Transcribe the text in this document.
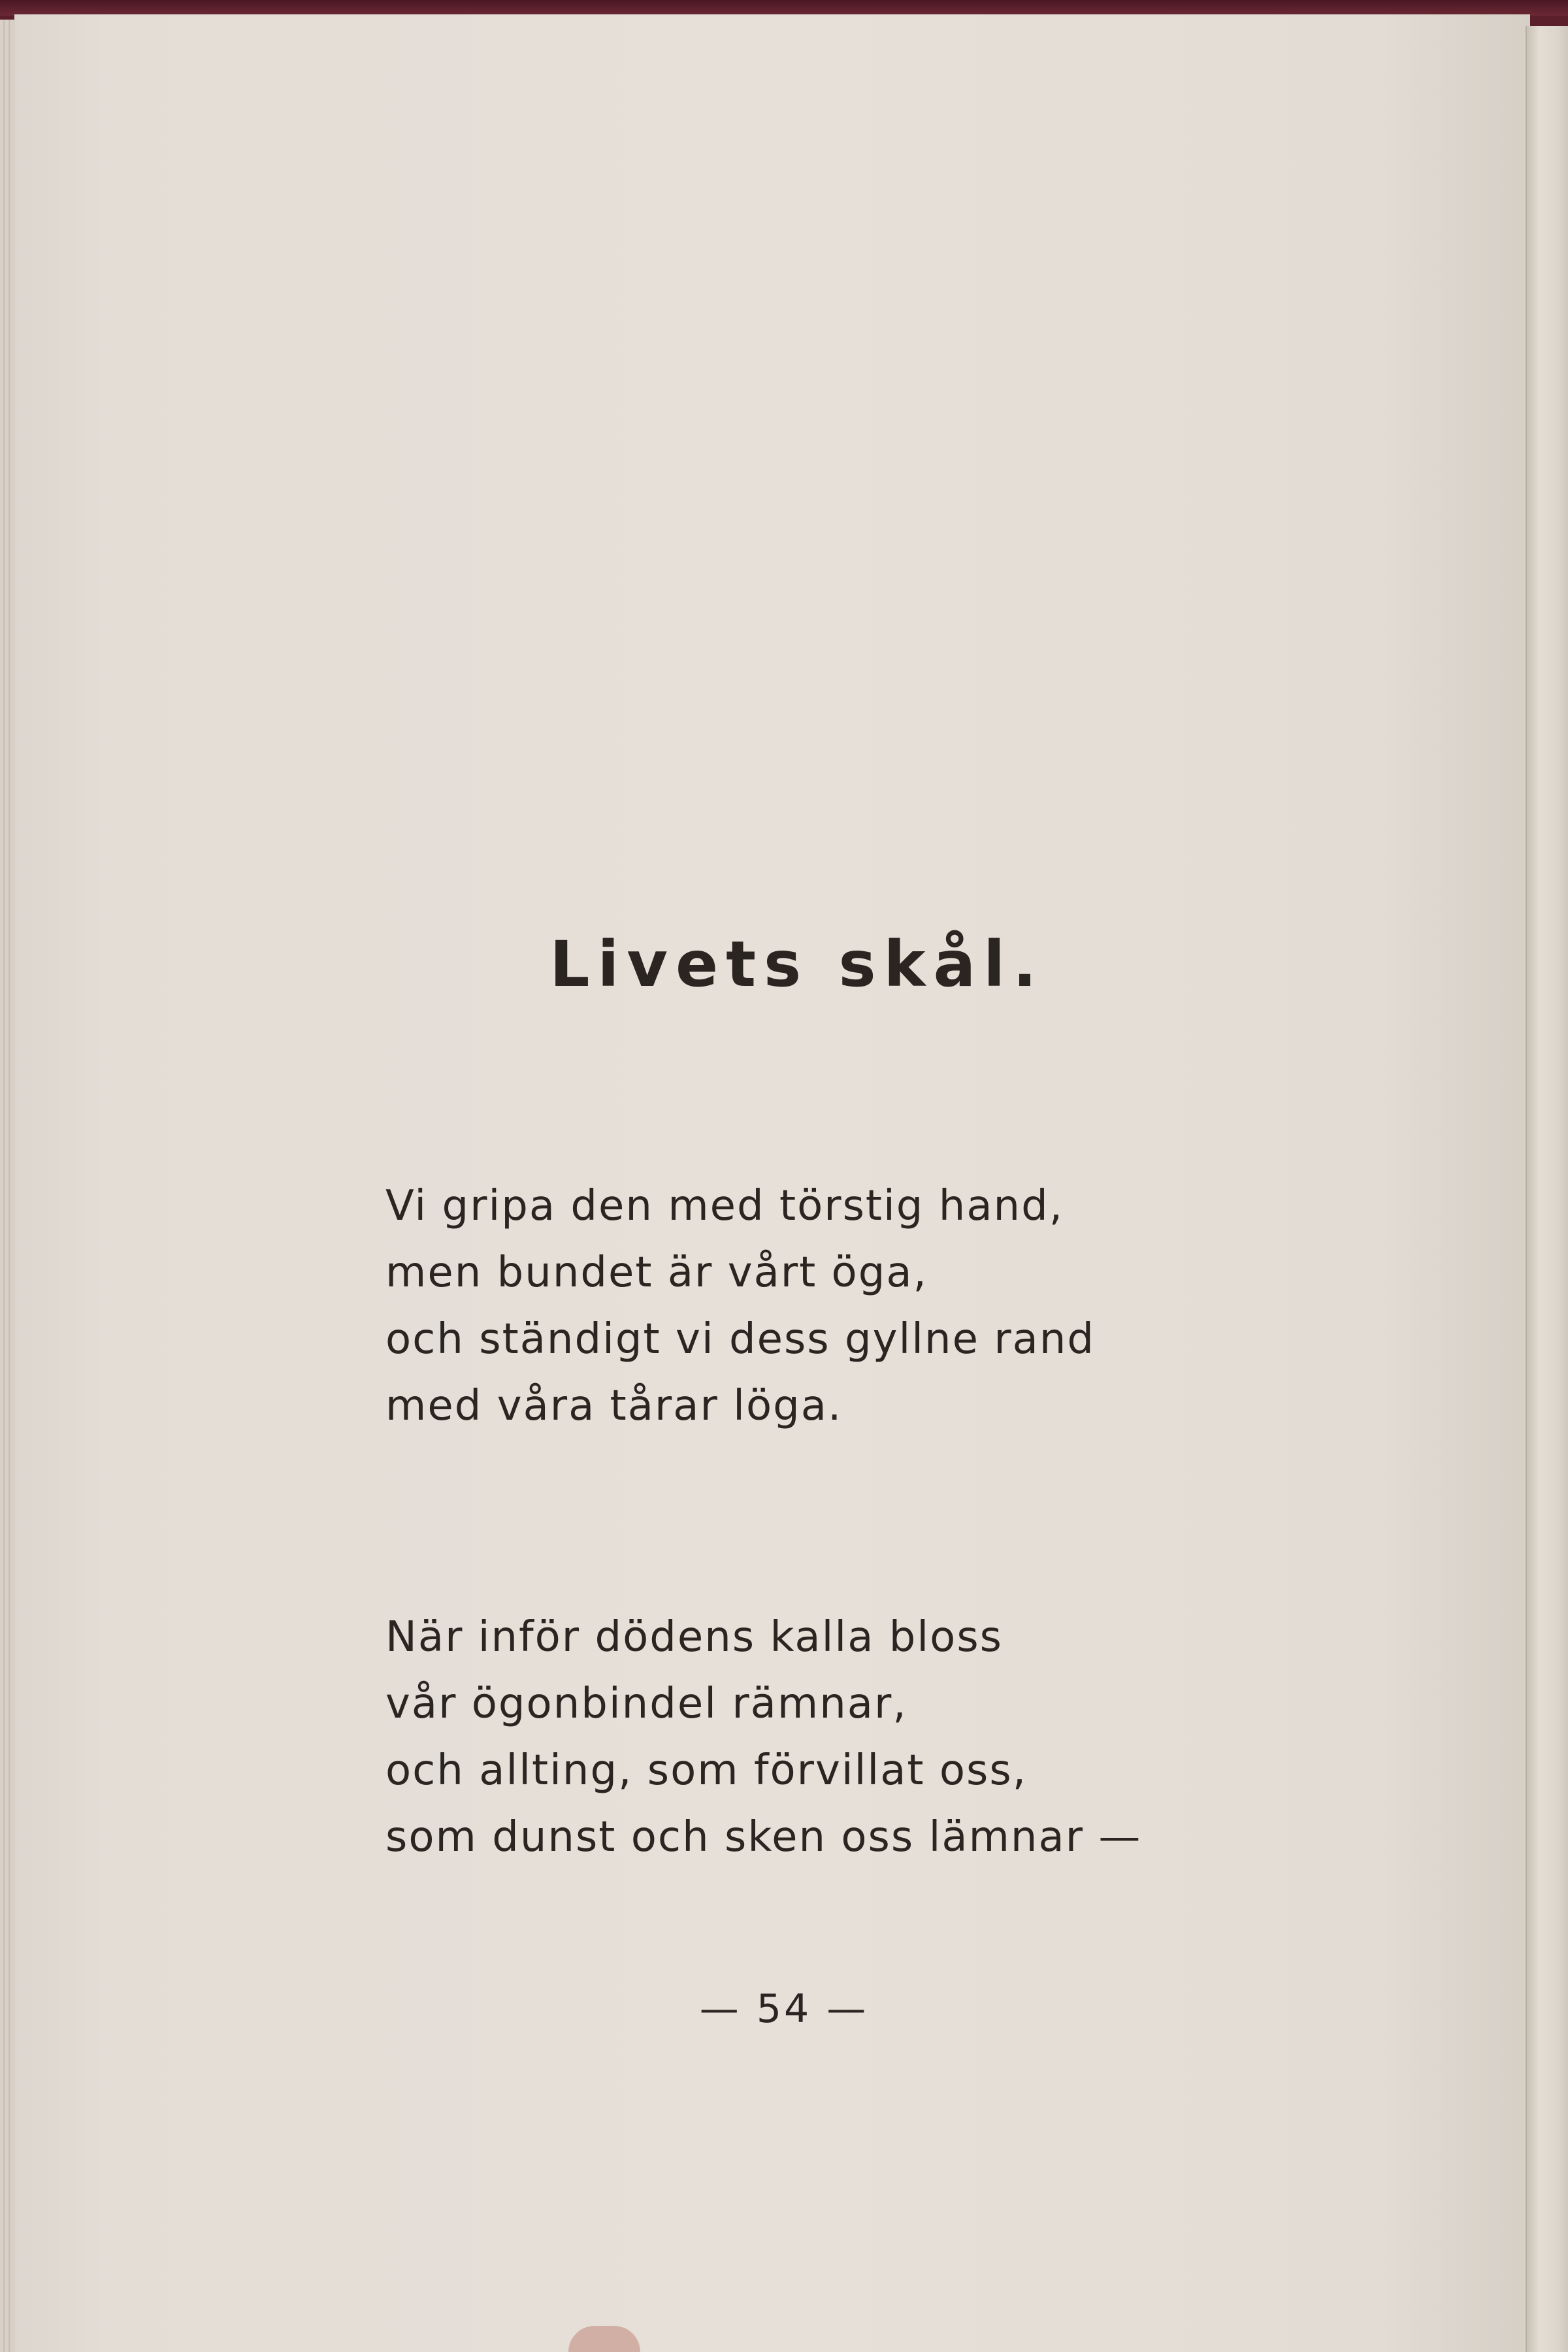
Livets skål.
Vi gripa den med törstig hand,
men bundet är vårt öga,
och ständigt vi dess gyllne rand
med våra tårar löga.
När inför dödens kalla bloss
vår ögonbindel rämnar,
och allting, som förvillat oss,
som dunst och sken oss lämnar —
— 54 —
